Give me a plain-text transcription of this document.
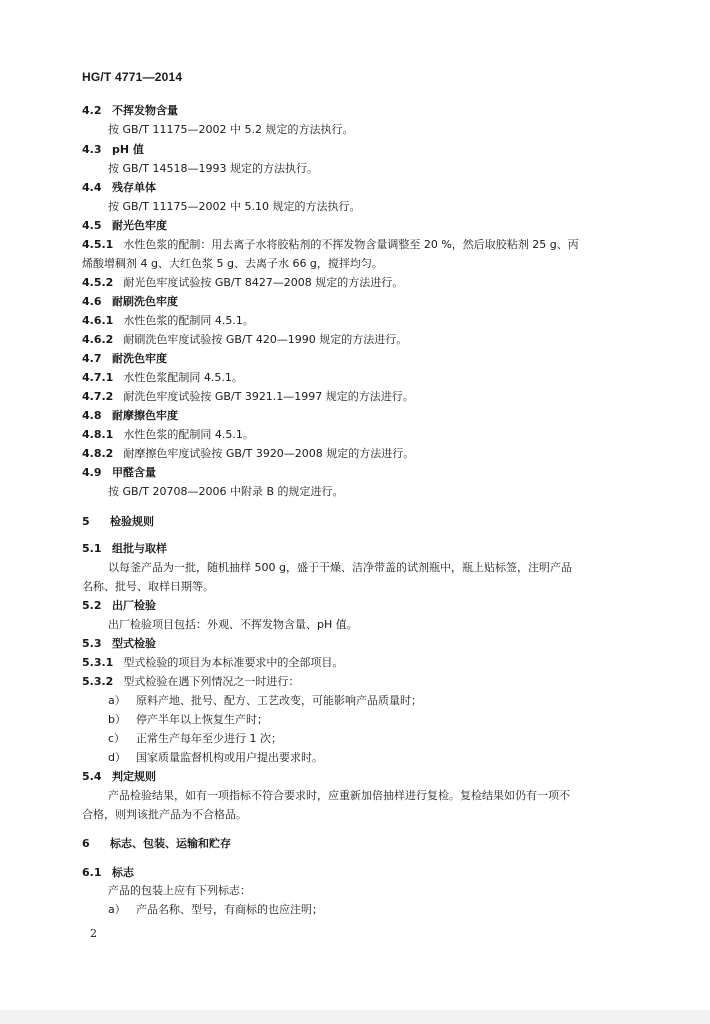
HG/T 4771—2014
4.2 不挥发物含量
按 GB/T 11175—2002 中 5.2 规定的方法执行。
4.3 pH 值
按 GB/T 14518—1993 规定的方法执行。
4.4 残存单体
按 GB/T 11175—2002 中 5.10 规定的方法执行。
4.5 耐光色牢度
4.5.1 水性色浆的配制：用去离子水将胶粘剂的不挥发物含量调整至 20 %，然后取胶粘剂 25 g、丙
烯酸增稠剂 4 g、大红色浆 5 g、去离子水 66 g，搅拌均匀。
4.5.2 耐光色牢度试验按 GB/T 8427—2008 规定的方法进行。
4.6 耐刷洗色牢度
4.6.1 水性色浆的配制同 4.5.1。
4.6.2 耐刷洗色牢度试验按 GB/T 420—1990 规定的方法进行。
4.7 耐洗色牢度
4.7.1 水性色浆配制同 4.5.1。
4.7.2 耐洗色牢度试验按 GB/T 3921.1—1997 规定的方法进行。
4.8 耐摩擦色牢度
4.8.1 水性色浆的配制同 4.5.1。
4.8.2 耐摩擦色牢度试验按 GB/T 3920—2008 规定的方法进行。
4.9 甲醛含量
按 GB/T 20708—2006 中附录 B 的规定进行。
5 检验规则
5.1 组批与取样
以每釜产品为一批，随机抽样 500 g，盛于干燥、洁净带盖的试剂瓶中，瓶上贴标签，注明产品
名称、批号、取样日期等。
5.2 出厂检验
出厂检验项目包括：外观、不挥发物含量、pH 值。
5.3 型式检验
5.3.1 型式检验的项目为本标准要求中的全部项目。
5.3.2 型式检验在遇下列情况之一时进行：
a） 原料产地、批号、配方、工艺改变，可能影响产品质量时；
b） 停产半年以上恢复生产时；
c） 正常生产每年至少进行 1 次；
d） 国家质量监督机构或用户提出要求时。
5.4 判定规则
产品检验结果，如有一项指标不符合要求时，应重新加倍抽样进行复检。复检结果如仍有一项不
合格，则判该批产品为不合格品。
6 标志、包装、运输和贮存
6.1 标志
产品的包装上应有下列标志：
a） 产品名称、型号，有商标的也应注明；
2
